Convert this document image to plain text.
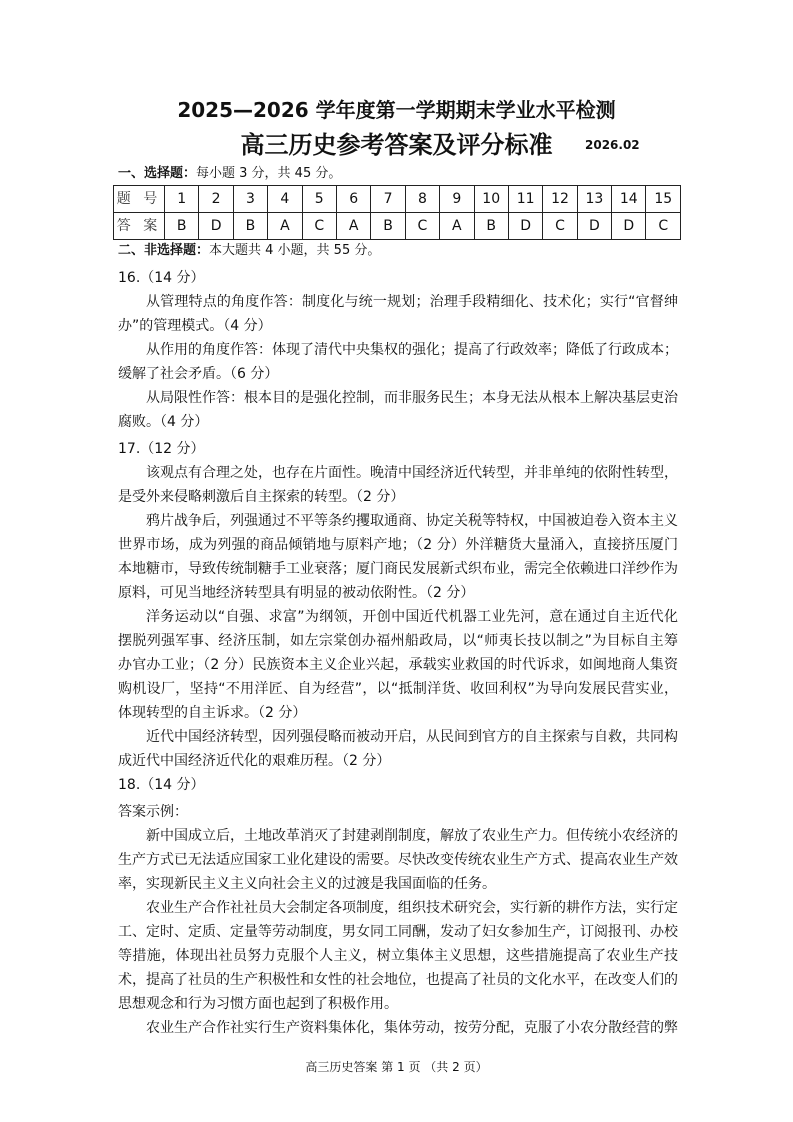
2025—2026 学年度第一学期期末学业水平检测

高三历史参考答案及评分标准	2026.02
一、选择题：每小题 3 分，共 45 分。
题 号	1	2	3	4	5	6	7	8	9	10	11	12	13	14	15
答 案	B	D	B	A	C	A	B	C	A	B	D	C	D	D	C
二、非选择题：本大题共 4 小题，共 55 分。

16.（14 分）

从管理特点的角度作答：制度化与统一规划；治理手段精细化、技术化；实行“官督绅办”的管理模式。（4 分）

从作用的角度作答：体现了清代中央集权的强化；提高了行政效率；降低了行政成本；缓解了社会矛盾。（6 分）

从局限性作答：根本目的是强化控制，而非服务民生；本身无法从根本上解决基层吏治腐败。（4 分）

17.（12 分）

该观点有合理之处，也存在片面性。晚清中国经济近代转型，并非单纯的依附性转型，是受外来侵略刺激后自主探索的转型。（2 分）

鸦片战争后，列强通过不平等条约攫取通商、协定关税等特权，中国被迫卷入资本主义世界市场，成为列强的商品倾销地与原料产地；（2 分）外洋糖货大量涌入，直接挤压厦门本地糖市，导致传统制糖手工业衰落；厦门商民发展新式织布业，需完全依赖进口洋纱作为原料，可见当地经济转型具有明显的被动依附性。（2 分）

洋务运动以“自强、求富”为纲领，开创中国近代机器工业先河，意在通过自主近代化摆脱列强军事、经济压制，如左宗棠创办福州船政局，以“师夷长技以制之”为目标自主筹办官办工业；（2 分）民族资本主义企业兴起，承载实业救国的时代诉求，如闽地商人集资购机设厂，坚持“不用洋匠、自为经营”，以“抵制洋货、收回利权”为导向发展民营实业，体现转型的自主诉求。（2 分）

近代中国经济转型，因列强侵略而被动开启，从民间到官方的自主探索与自救，共同构成近代中国经济近代化的艰难历程。（2 分）

18.（14 分）

答案示例：

新中国成立后，土地改革消灭了封建剥削制度，解放了农业生产力。但传统小农经济的生产方式已无法适应国家工业化建设的需要。尽快改变传统农业生产方式、提高农业生产效率，实现新民主义主义向社会主义的过渡是我国面临的任务。

农业生产合作社社员大会制定各项制度，组织技术研究会，实行新的耕作方法，实行定工、定时、定质、定量等劳动制度，男女同工同酬，发动了妇女参加生产，订阅报刊、办校等措施，体现出社员努力克服个人主义，树立集体主义思想，这些措施提高了农业生产技术，提高了社员的生产积极性和女性的社会地位，也提高了社员的文化水平，在改变人们的思想观念和行为习惯方面也起到了积极作用。

农业生产合作社实行生产资料集体化，集体劳动，按劳分配，克服了小农分散经营的弊

高三历史答案 第 1 页 （共 2 页）
